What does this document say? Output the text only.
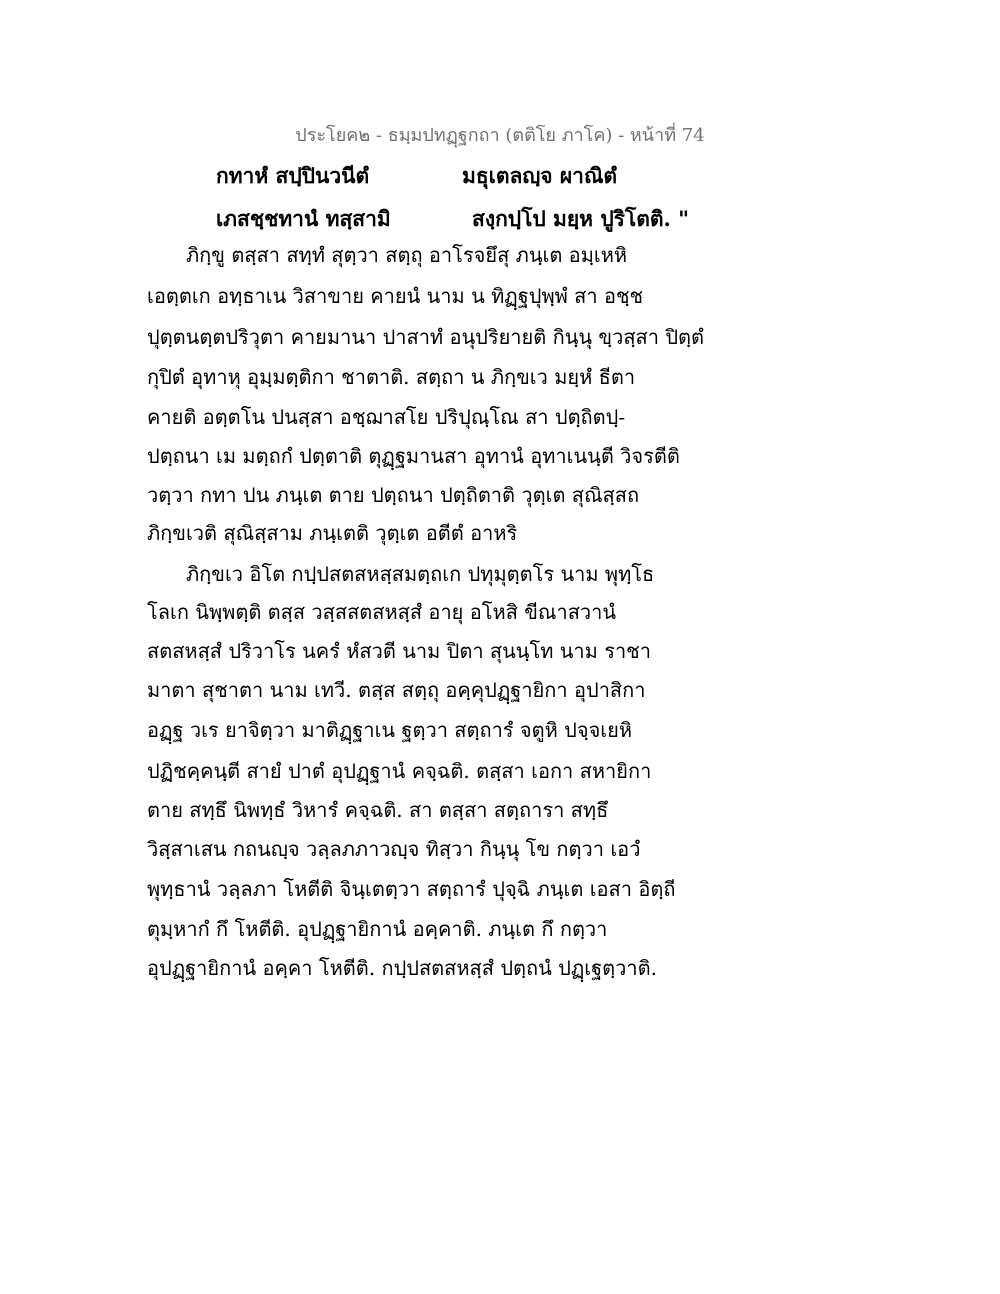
ประโยค๒ - ธมฺมปทฏฺฐกถา (ตติโย ภาโค) - หน้าที่ 74
กทาหํ สปฺปินวนีตํ	มธุเตลญฺจ ผาณิตํ
เภสชฺชทานํ ทสฺสามิ	สงฺกปฺโป มยฺห ปูริโตติ. "
ภิกฺขู ตสฺสา สทฺทํ สุตฺวา สตฺถุ อาโรจยึสุ ภนฺเต อมฺเหหิ
เอตฺตเก อทฺธาเน วิสาขาย คายนํ นาม น ทิฏฺฐปุพฺพํ สา อชฺช
ปุตฺตนตฺตปริวุตา คายมานา ปาสาทํ อนุปริยายติ กินฺนุ ขฺวสฺสา ปิตฺตํ
กุปิตํ อุทาหุ อุมฺมตฺติกา ชาตาติ. สตฺถา น ภิกฺขเว มยฺหํ ธีตา
คายติ อตฺตโน ปนสฺสา อชฺฌาสโย ปริปุณฺโณ สา ปตฺถิตปฺ-
ปตฺถนา เม มตฺถกํ ปตฺตาติ ตุฏฺฐมานสา อุทานํ อุทาเนนฺตี วิจรตีติ
วตฺวา กทา ปน ภนฺเต ตาย ปตฺถนา ปตฺถิตาติ วุตฺเต สุณิสฺสถ
ภิกฺขเวติ สุณิสฺสาม ภนฺเตติ วุตฺเต อตีตํ อาหริ
ภิกฺขเว อิโต กปฺปสตสหสฺสมตฺถเก ปทุมุตฺตโร นาม พุทฺโธ
โลเก นิพฺพตฺติ ตสฺส วสฺสสตสหสฺสํ อายุ อโหสิ ขีณาสวานํ
สตสหสฺสํ ปริวาโร นครํ หํสวตี นาม ปิตา สุนนฺโท นาม ราชา
มาตา สุชาตา นาม เทวี. ตสฺส สตฺถุ อคฺคุปฏฺฐายิกา อุปาสิกา
อฏฺฐ วเร ยาจิตฺวา มาติฏฺฐาเน ฐตฺวา สตฺถารํ จตูหิ ปจฺจเยหิ
ปฏิชคฺคนฺตี สายํ ปาตํ อุปฏฺฐานํ คจฺฉติ. ตสฺสา เอกา สหายิกา
ตาย สทฺธึ นิพทฺธํ วิหารํ คจฺฉติ. สา ตสฺสา สตฺถารา สทฺธึ
วิสฺสาเสน กถนญฺจ วลฺลภภาวญฺจ ทิสฺวา กินฺนุ โข กตฺวา เอวํ
พุทฺธานํ วลฺลภา โหตีติ จินฺเตตฺวา สตฺถารํ ปุจฺฉิ ภนฺเต เอสา อิตฺถี
ตุมฺหากํ กึ โหตีติ. อุปฏฺฐายิกานํ อคฺคาติ. ภนฺเต กึ กตฺวา
อุปฏฺฐายิกานํ อคฺคา โหตีติ. กปฺปสตสหสฺสํ ปตฺถนํ ปฏฺเฐตฺวาติ.
